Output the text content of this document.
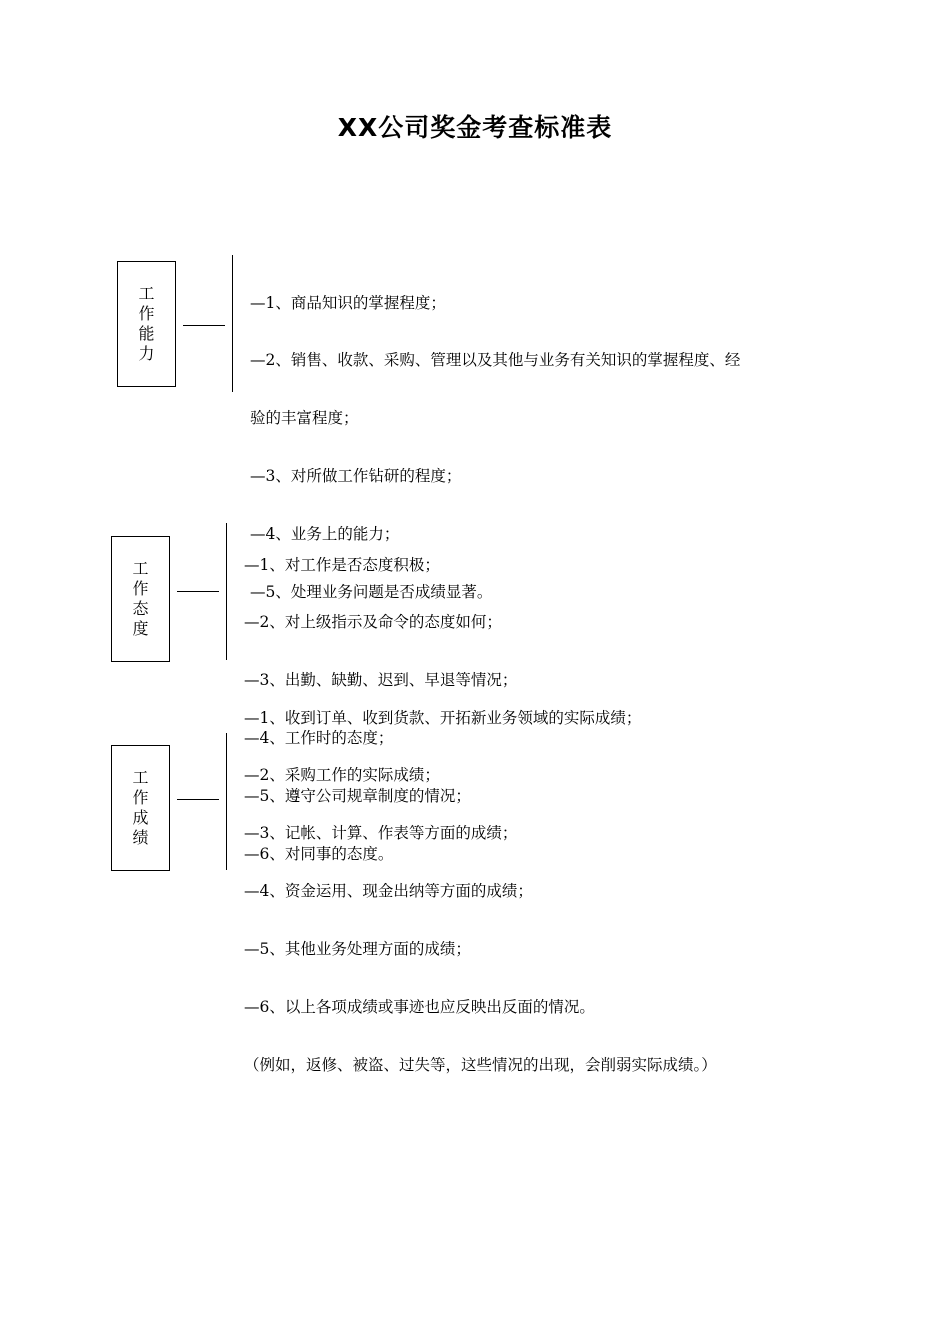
XX公司奖金考查标准表
工
作
能
力

—1、商品知识的掌握程度；

—2、销售、收款、采购、管理以及其他与业务有关知识的掌握程度、经

验的丰富程度；

—3、对所做工作钻研的程度；

—4、业务上的能力；

—5、处理业务问题是否成绩显著。

工
作
态
度

—1、对工作是否态度积极；

—2、对上级指示及命令的态度如何；

—3、出勤、缺勤、迟到、早退等情况；

—4、工作时的态度；

—5、遵守公司规章制度的情况；

—6、对同事的态度。

工
作
成
绩

—1、收到订单、收到货款、开拓新业务领域的实际成绩；

—2、采购工作的实际成绩；

—3、记帐、计算、作表等方面的成绩；

—4、资金运用、现金出纳等方面的成绩；

—5、其他业务处理方面的成绩；

—6、以上各项成绩或事迹也应反映出反面的情况。

（例如，返修、被盗、过失等，这些情况的出现，会削弱实际成绩。）
